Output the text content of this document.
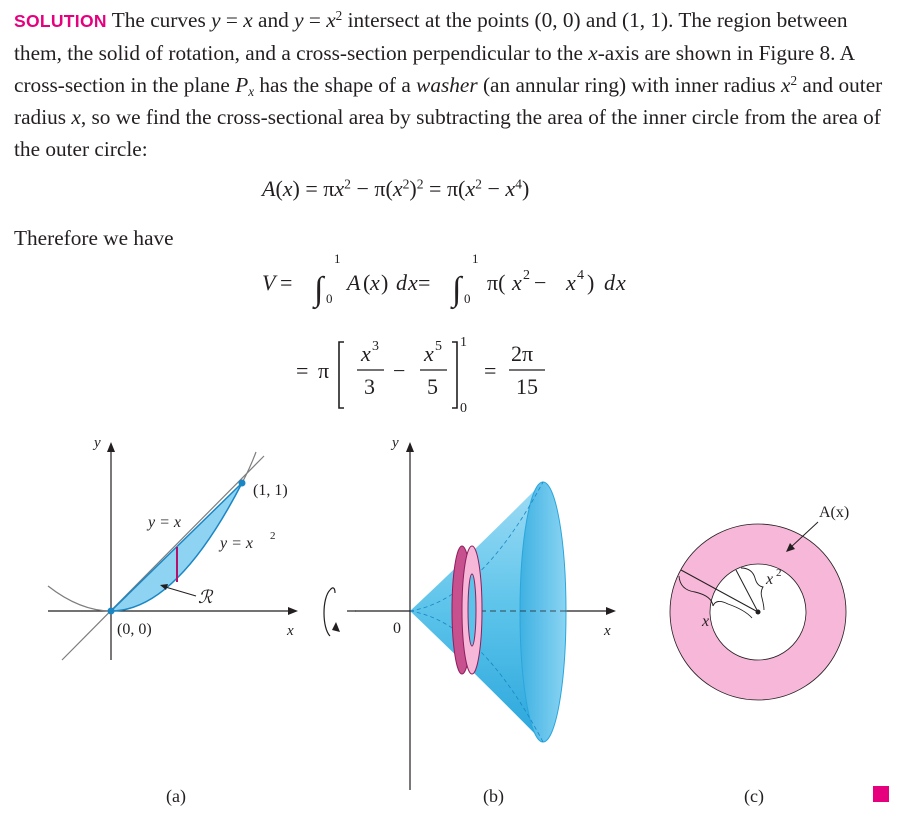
SOLUTION The curves y = x and $y = x^2$ intersect at the points (0, 0) and (1, 1). The region between them, the solid of rotation, and a cross-section perpendicular to the x-axis are shown in Figure 8. A cross-section in the plane $P_x$ has the shape of a washer (an annular ring) with inner radius $x^2$ and outer radius x, so we find the cross-sectional area by subtracting the area of the inner circle from the area of the outer circle:
$A(x) = \pi x^2 - \pi(x^2)^2 = \pi(x^2 - x^4)$
Therefore we have
V = ∫
1
0
A ( x ) d x = ∫
1
0
π( x 2 − x 4 ) d x
= π
x 3
3
−
x 5
5
1
0
=
2π
15
y
x
y = x
y = x 2
(1, 1)
(0, 0)
ℛ
(a)
y
x
0
(b)
A(x)
x 2
x
(c)
